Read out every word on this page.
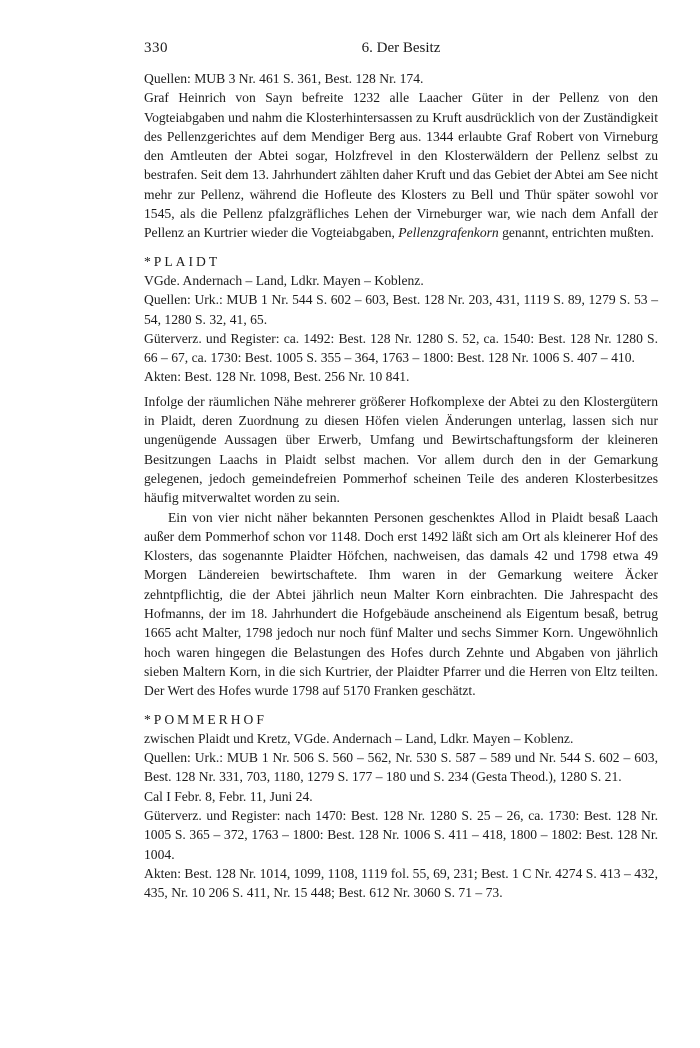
330	6. Der Besitz

Quellen: MUB 3 Nr. 461 S. 361, Best. 128 Nr. 174.

Graf Heinrich von Sayn befreite 1232 alle Laacher Güter in der Pellenz von den Vogteiabgaben und nahm die Klosterhintersassen zu Kruft ausdrücklich von der Zuständigkeit des Pellenzgerichtes auf dem Mendiger Berg aus. 1344 erlaubte Graf Robert von Virneburg den Amtleuten der Abtei sogar, Holzfrevel in den Klosterwäldern der Pellenz selbst zu bestrafen. Seit dem 13. Jahrhundert zählten daher Kruft und das Gebiet der Abtei am See nicht mehr zur Pellenz, während die Hofleute des Klosters zu Bell und Thür später sowohl vor 1545, als die Pellenz pfalzgräfliches Lehen der Virneburger war, wie nach dem Anfall der Pellenz an Kurtrier wieder die Vogteiabgaben, Pellenzgrafenkorn genannt, entrichten mußten.

*PLAIDT

VGde. Andernach – Land, Ldkr. Mayen – Koblenz.

Quellen: Urk.: MUB 1 Nr. 544 S. 602 – 603, Best. 128 Nr. 203, 431, 1119 S. 89, 1279 S. 53 – 54, 1280 S. 32, 41, 65.

Güterverz. und Register: ca. 1492: Best. 128 Nr. 1280 S. 52, ca. 1540: Best. 128 Nr. 1280 S. 66 – 67, ca. 1730: Best. 1005 S. 355 – 364, 1763 – 1800: Best. 128 Nr. 1006 S. 407 – 410.

Akten: Best. 128 Nr. 1098, Best. 256 Nr. 10 841.

Infolge der räumlichen Nähe mehrerer größerer Hofkomplexe der Abtei zu den Klostergütern in Plaidt, deren Zuordnung zu diesen Höfen vielen Änderungen unterlag, lassen sich nur ungenügende Aussagen über Erwerb, Umfang und Bewirtschaftungsform der kleineren Besitzungen Laachs in Plaidt selbst machen. Vor allem durch den in der Gemarkung gelegenen, jedoch gemeindefreien Pommerhof scheinen Teile des anderen Klosterbesitzes häufig mitverwaltet worden zu sein.

Ein von vier nicht näher bekannten Personen geschenktes Allod in Plaidt besaß Laach außer dem Pommerhof schon vor 1148. Doch erst 1492 läßt sich am Ort als kleinerer Hof des Klosters, das sogenannte Plaidter Höfchen, nachweisen, das damals 42 und 1798 etwa 49 Morgen Ländereien bewirtschaftete. Ihm waren in der Gemarkung weitere Äcker zehntpflichtig, die der Abtei jährlich neun Malter Korn einbrachten. Die Jahrespacht des Hofmanns, der im 18. Jahrhundert die Hofgebäude anscheinend als Eigentum besaß, betrug 1665 acht Malter, 1798 jedoch nur noch fünf Malter und sechs Simmer Korn. Ungewöhnlich hoch waren hingegen die Belastungen des Hofes durch Zehnte und Abgaben von jährlich sieben Maltern Korn, in die sich Kurtrier, der Plaidter Pfarrer und die Herren von Eltz teilten. Der Wert des Hofes wurde 1798 auf 5170 Franken geschätzt.

*POMMERHOF

zwischen Plaidt und Kretz, VGde. Andernach – Land, Ldkr. Mayen – Koblenz.

Quellen: Urk.: MUB 1 Nr. 506 S. 560 – 562, Nr. 530 S. 587 – 589 und Nr. 544 S. 602 – 603, Best. 128 Nr. 331, 703, 1180, 1279 S. 177 – 180 und S. 234 (Gesta Theod.), 1280 S. 21.

Cal I Febr. 8, Febr. 11, Juni 24.

Güterverz. und Register: nach 1470: Best. 128 Nr. 1280 S. 25 – 26, ca. 1730: Best. 128 Nr. 1005 S. 365 – 372, 1763 – 1800: Best. 128 Nr. 1006 S. 411 – 418, 1800 – 1802: Best. 128 Nr. 1004.

Akten: Best. 128 Nr. 1014, 1099, 1108, 1119 fol. 55, 69, 231; Best. 1 C Nr. 4274 S. 413 – 432, 435, Nr. 10 206 S. 411, Nr. 15 448; Best. 612 Nr. 3060 S. 71 – 73.
